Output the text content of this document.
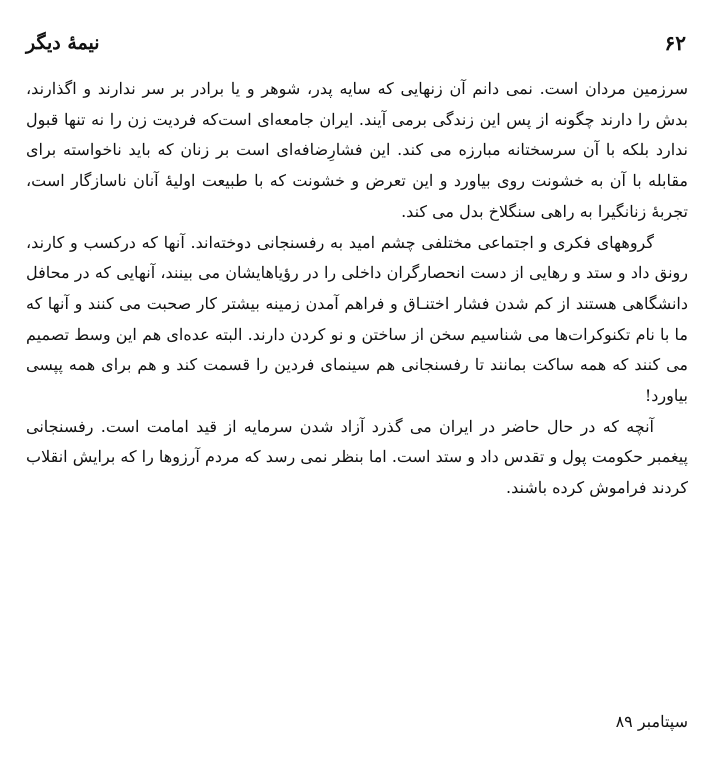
۶۲
نیمهٔ دیگر

سرزمین مردان است. نمی دانم آن زنهایی که سایه پدر، شوهر و یا برادر بر سر ندارند و اگذارند، بدش را دارند چگونه از پس این زندگی برمی آیند. ایران جامعه‌ای است‌که فردیت زن را نه تنها قبول ندارد بلکه با آن سرسختانه مبارزه می کند. این فشارِضافه‌ای است بر زنان که باید ناخواسته برای مقابله با آن به خشونت روی بیاورد و این تعرض و خشونت که با طبیعت اولیهٔ آنان ناسازگار است، تجربهٔ زنانگیرا به راهی سنگلاخ بدل می کند.

گروههای فکری و اجتماعی مختلفی چشم امید به رفسنجانی دوخته‌اند. آنها که درکسب و کارند، رونق داد و ستد و رهایی از دست انحصارگران داخلی را در رؤیاهایشان می بینند، آنهایی که در محافل دانشگاهی هستند از کم شدن فشار اختنـاق و فراهم آمدن زمینه بیشتر کار صحبت می کنند و آنها که ما با نام تکنوکرات‌ها می شناسیم سخن از ساختن و نو کردن دارند. البته عده‌ای هم این وسط تصمیم می کنند که همه ساکت بمانند تا رفسنجانی هم سینمای فردین را قسمت کند و هم برای همه پپسی بیاورد!

آنچه که در حال حاضر در ایران می گذرد آزاد شدن سرمایه از قید امامت است. رفسنجانی پیغمبر حکومت پول و تقدس داد و ستد است. اما بنظر نمی رسد که مردم آرزوها را که برایش انقلاب کردند فراموش کرده باشند.

سپتامبر ۸۹
